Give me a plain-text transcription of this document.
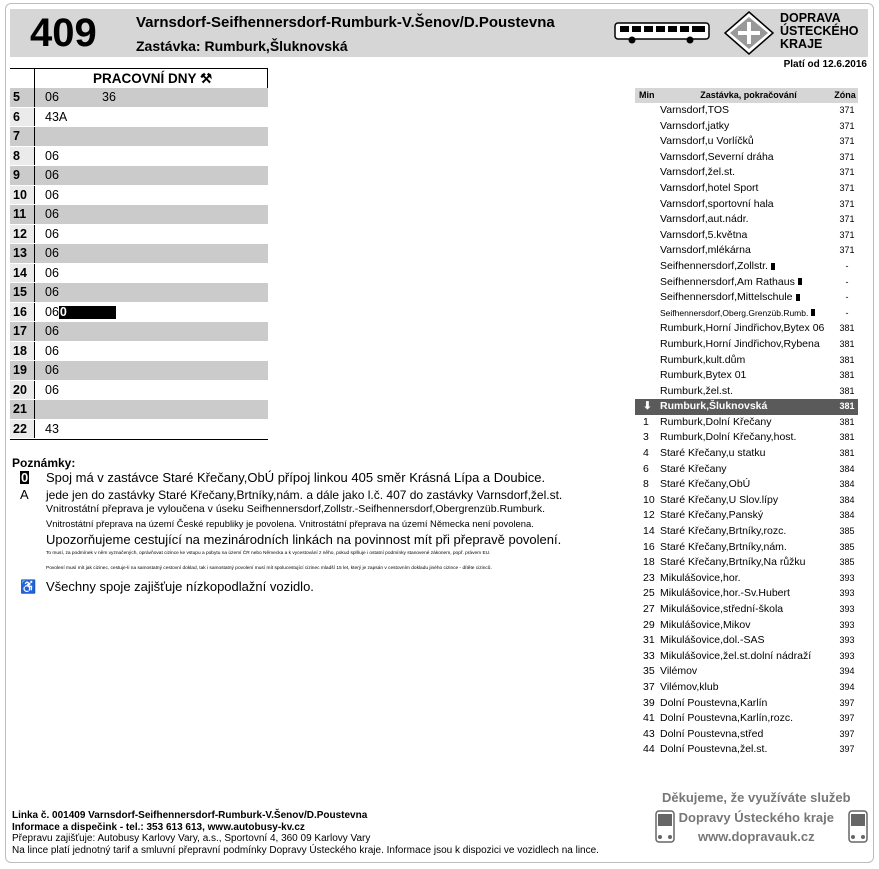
409	Varnsdorf-Seifhennersdorf-Rumburk-V.Šenov/D.Poustevna
Zastávka: Rumburk,Šluknovská
DOPRAVA
ÚSTECKÉHO
KRAJE
Platí od 12.6.2016
PRACOVNÍ DNY ⚒
5	06	36
6	43A
7
8	06
9	06
10	06
11	06
12	06
13	06
14	06
15	06
16	060
17	06
18	06
19	06
20	06
21
22	43
Poznámky:
0 Spoj má v zastávce Staré Křečany,ObÚ přípoj linkou 405 směr Krásná Lípa a Doubice.
A jede jen do zastávky Staré Křečany,Brtníky,nám. a dále jako l.č. 407 do zastávky Varnsdorf,žel.st.
Vnitrostátní přeprava je vyloučena v úseku Seifhennersdorf,Zollstr.-Seifhennersdorf,Obergrenzüb.Rumburk.
Vnitrostátní přeprava na území České republiky je povolena. Vnitrostátní přeprava na území Německa není povolena.
Upozorňujeme cestující na mezinárodních linkách na povinnost mít při přepravě povolení.
To musí, za podmínek v něm vyznačených, oprávňovat cizince ke vstupu a pobytu na území ČR nebo Německa a k vycestování z něho, pokud splňuje i ostatní podmínky stanovené zákonem, popř. právem EU.
Povolení musí mít jak cizinec, cestuje-li na samostatný cestovní doklad, tak i samostatný povolení musí mít spolucestující cizinec mladší 15 let, který je zapsán v cestovním dokladu jiného cizince - dítěte cizinců.
♿ Všechny spoje zajišťuje nízkopodlažní vozidlo.
Min	Zastávka, pokračování	Zóna
Varnsdorf,TOS	371
Varnsdorf,jatky	371
Varnsdorf,u Vorlíčků	371
Varnsdorf,Severní dráha	371
Varnsdorf,žel.st.	371
Varnsdorf,hotel Sport	371
Varnsdorf,sportovní hala	371
Varnsdorf,aut.nádr.	371
Varnsdorf,5.května	371
Varnsdorf,mlékárna	371
Seifhennersdorf,Zollstr.	-
Seifhennersdorf,Am Rathaus	-
Seifhennersdorf,Mittelschule	-
Seifhennersdorf,Oberg.Grenzüb.Rumb.	-
Rumburk,Horní Jindřichov,Bytex 06	381
Rumburk,Horní Jindřichov,Rybena	381
Rumburk,kult.dům	381
Rumburk,Bytex 01	381
Rumburk,žel.st.	381
⬇ Rumburk,Šluknovská	381
1	Rumburk,Dolní Křečany	381
3	Rumburk,Dolní Křečany,host.	381
4	Staré Křečany,u statku	381
6	Staré Křečany	384
8	Staré Křečany,ObÚ	384
10 Staré Křečany,U Slov.lípy	384
12 Staré Křečany,Panský	384
14 Staré Křečany,Brtníky,rozc.	385
16 Staré Křečany,Brtníky,nám.	385
18 Staré Křečany,Brtníky,Na růžku	385
23 Mikulášovice,hor.	393
25 Mikulášovice,hor.-Sv.Hubert	393
27 Mikulášovice,střední-škola	393
29 Mikulášovice,Mikov	393
31 Mikulášovice,dol.-SAS	393
33 Mikulášovice,žel.st.dolní nádraží	393
35 Vilémov	394
37 Vilémov,klub	394
39 Dolní Poustevna,Karlín	397
41 Dolní Poustevna,Karlín,rozc.	397
43 Dolní Poustevna,střed	397
44 Dolní Poustevna,žel.st.	397
Linka č. 001409 Varnsdorf-Seifhennersdorf-Rumburk-V.Šenov/D.Poustevna
Informace a dispečink - tel.: 353 613 613, www.autobusy-kv.cz
Přepravu zajišťuje: Autobusy Karlovy Vary, a.s., Sportovní 4, 360 09 Karlovy Vary
Na lince platí jednotný tarif a smluvní přepravní podmínky Dopravy Ústeckého kraje. Informace jsou k dispozici ve vozidlech na lince.
Děkujeme, že využíváte služeb
Dopravy Ústeckého kraje
www.dopravauk.cz
